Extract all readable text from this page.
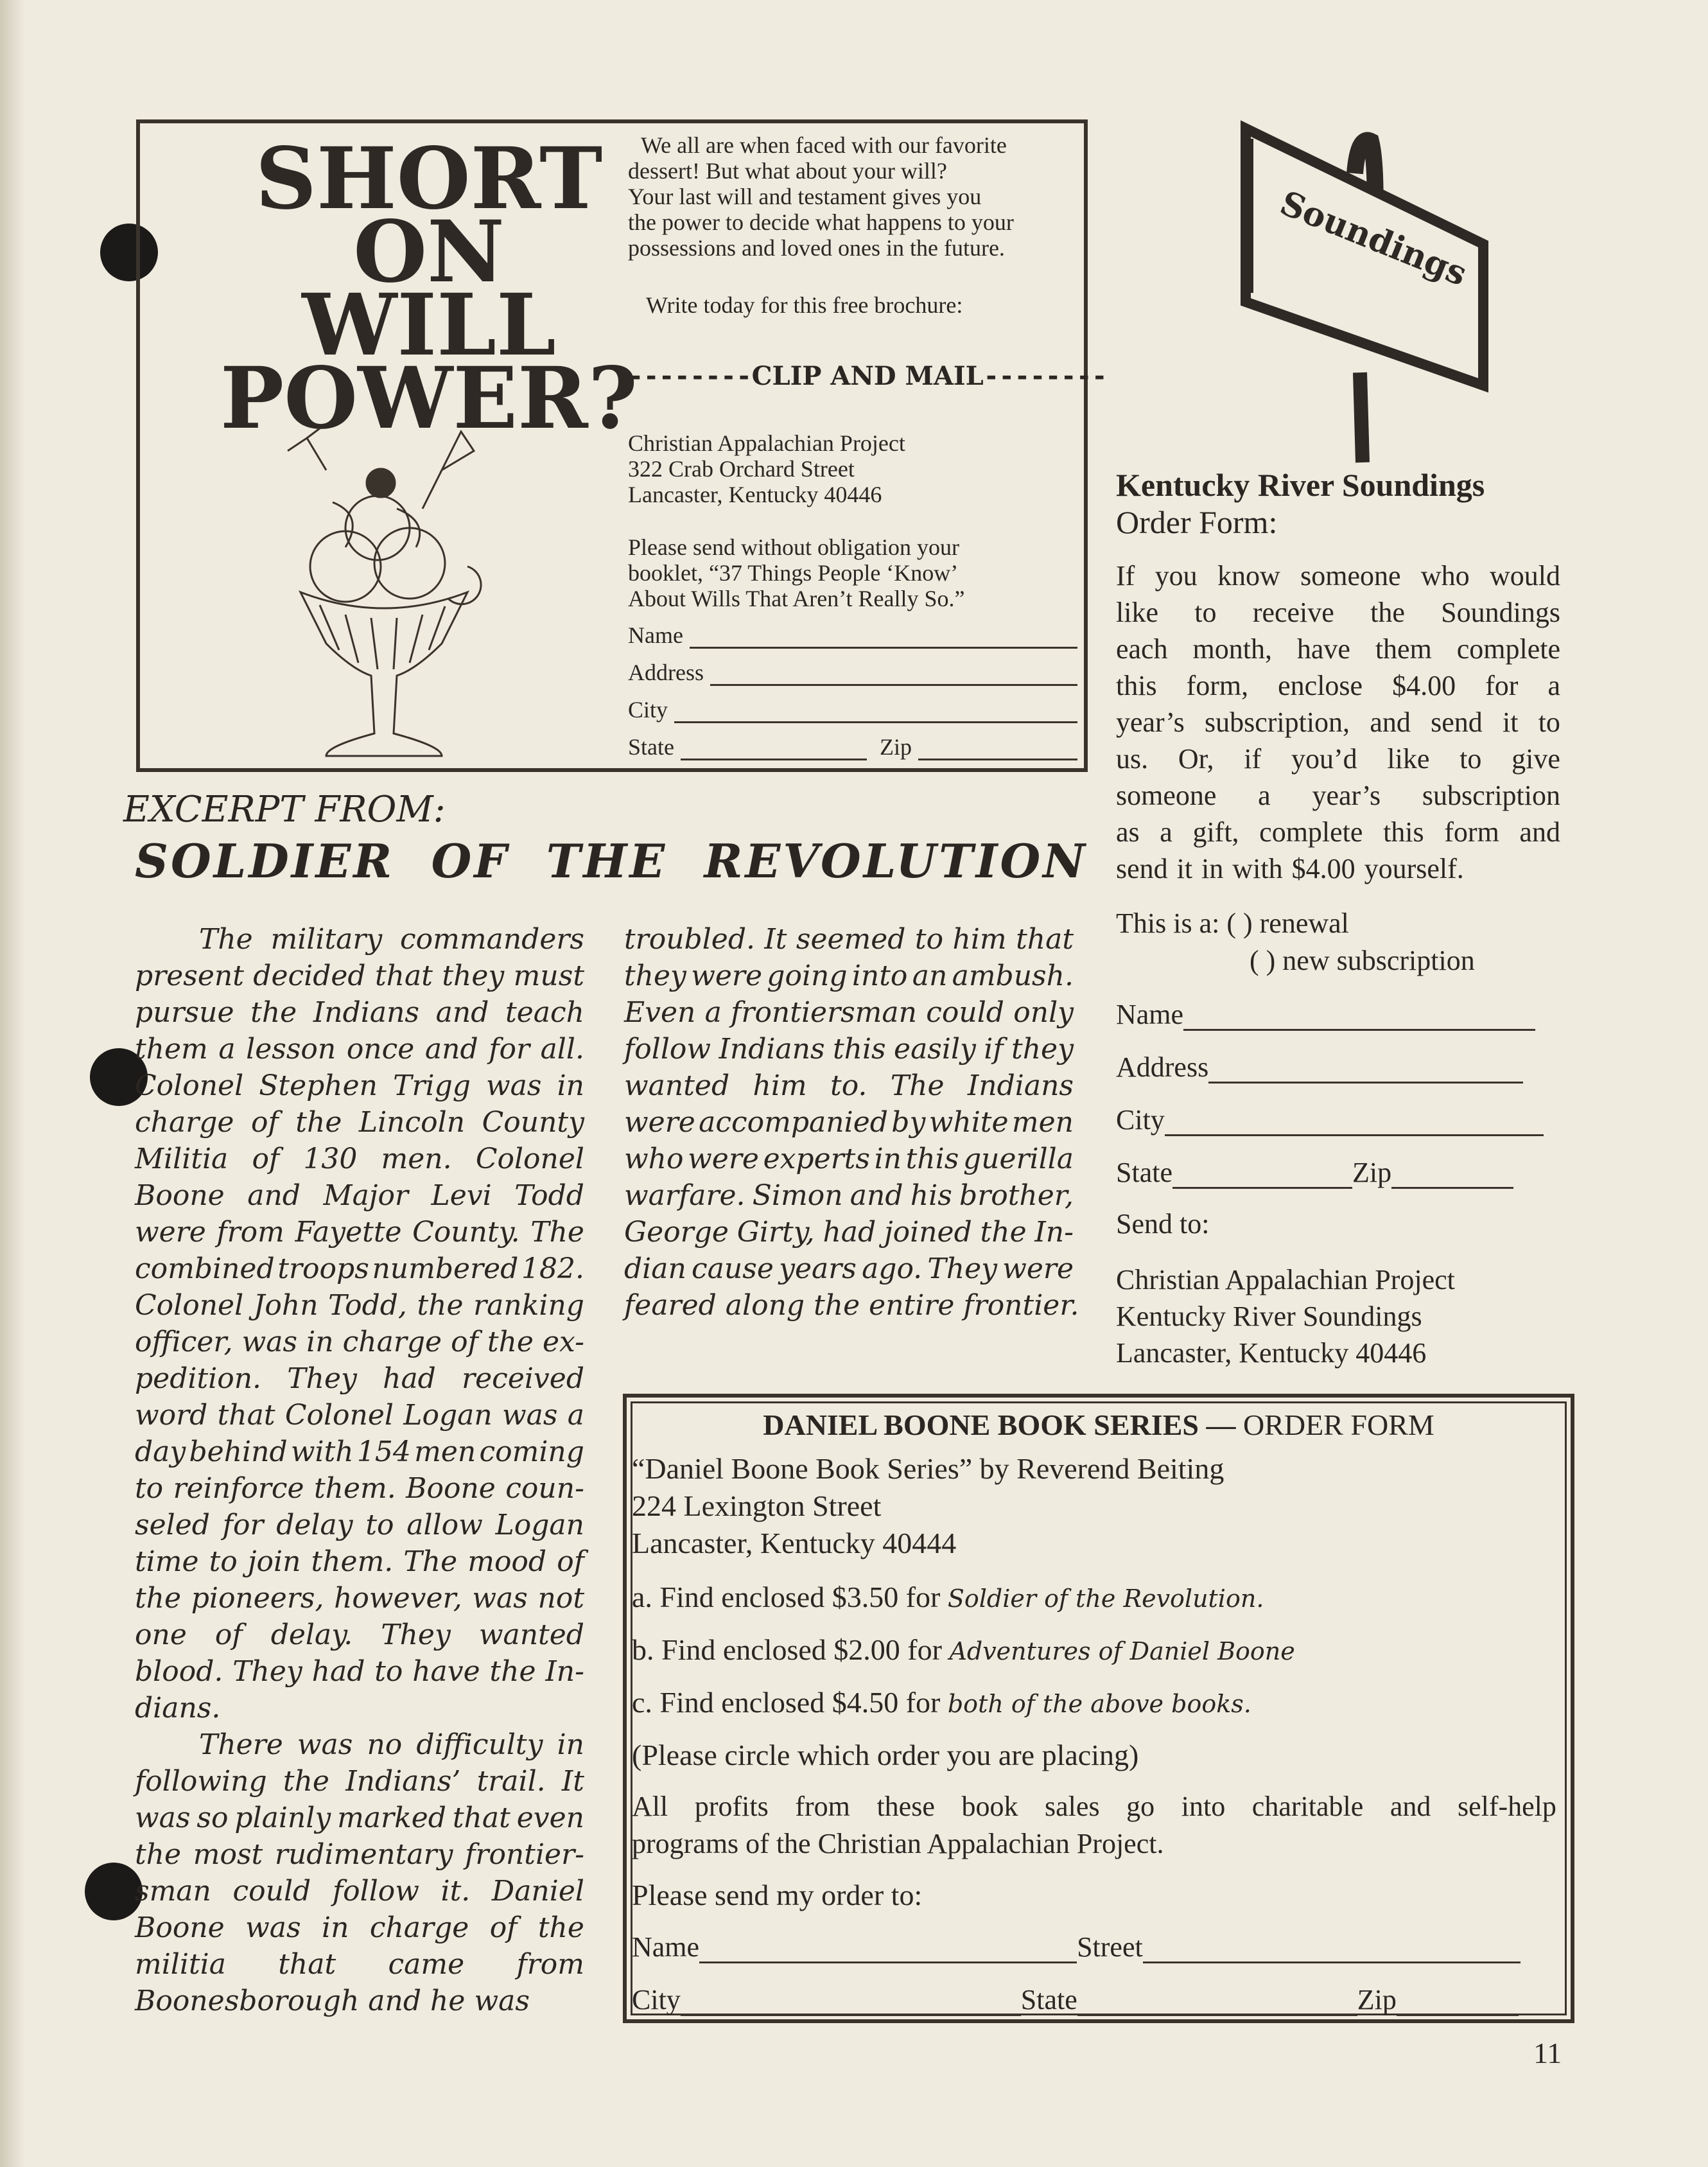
SHORT
ON
WILL
POWER?
We all are when faced with our favorite
dessert! But what about your will?
Your last will and testament gives you
the power to decide what happens to your
possessions and loved ones in the future.
Write today for this free brochure:
--------CLIP AND MAIL--------
Christian Appalachian Project
322 Crab Orchard Street
Lancaster, Kentucky 40446
Please send without obligation your
booklet, “37 Things People ‘Know’
About Wills That Aren’t Really So.”
Name
Address
City
State	Zip
EXCERPT FROM:
SOLDIER OF THE REVOLUTION
The military commanders
present decided that they must
pursue the Indians and teach
them a lesson once and for all.
Colonel Stephen Trigg was in
charge of the Lincoln County
Militia of 130 men. Colonel
Boone and Major Levi Todd
were from Fayette County. The
combined troops numbered 182.
Colonel John Todd, the ranking
officer, was in charge of the ex-
pedition. They had received
word that Colonel Logan was a
day behind with 154 men coming
to reinforce them. Boone coun-
seled for delay to allow Logan
time to join them. The mood of
the pioneers, however, was not
one of delay. They wanted
blood. They had to have the In-
dians.
There was no difficulty in
following the Indians’ trail. It
was so plainly marked that even
the most rudimentary frontier-
sman could follow it. Daniel
Boone was in charge of the
militia that came from
Boonesborough and he was
troubled. It seemed to him that
they were going into an ambush.
Even a frontiersman could only
follow Indians this easily if they
wanted him to. The Indians
were accompanied by white men
who were experts in this guerilla
warfare. Simon and his brother,
George Girty, had joined the In-
dian cause years ago. They were
feared along the entire frontier.
Soundings
Kentucky River Soundings
Order Form:
If you know someone who would
like to receive the Soundings
each month, have them complete
this form, enclose $4.00 for a
year’s subscription, and send it to
us. Or, if you’d like to give
someone a year’s subscription
as a gift, complete this form and
send it in with $4.00 yourself.
This is a: ( ) renewal
( ) new subscription
Name
Address
City
State	Zip
Send to:
Christian Appalachian Project
Kentucky River Soundings
Lancaster, Kentucky 40446
DANIEL BOONE BOOK SERIES — ORDER FORM
“Daniel Boone Book Series” by Reverend Beiting
224 Lexington Street
Lancaster, Kentucky 40444
a. Find enclosed $3.50 for Soldier of the Revolution.
b. Find enclosed $2.00 for Adventures of Daniel Boone
c. Find enclosed $4.50 for both of the above books.
(Please circle which order you are placing)
All profits from these book sales go into charitable and self-help
programs of the Christian Appalachian Project.
Please send my order to:
Name	Street
City	State	Zip
11
